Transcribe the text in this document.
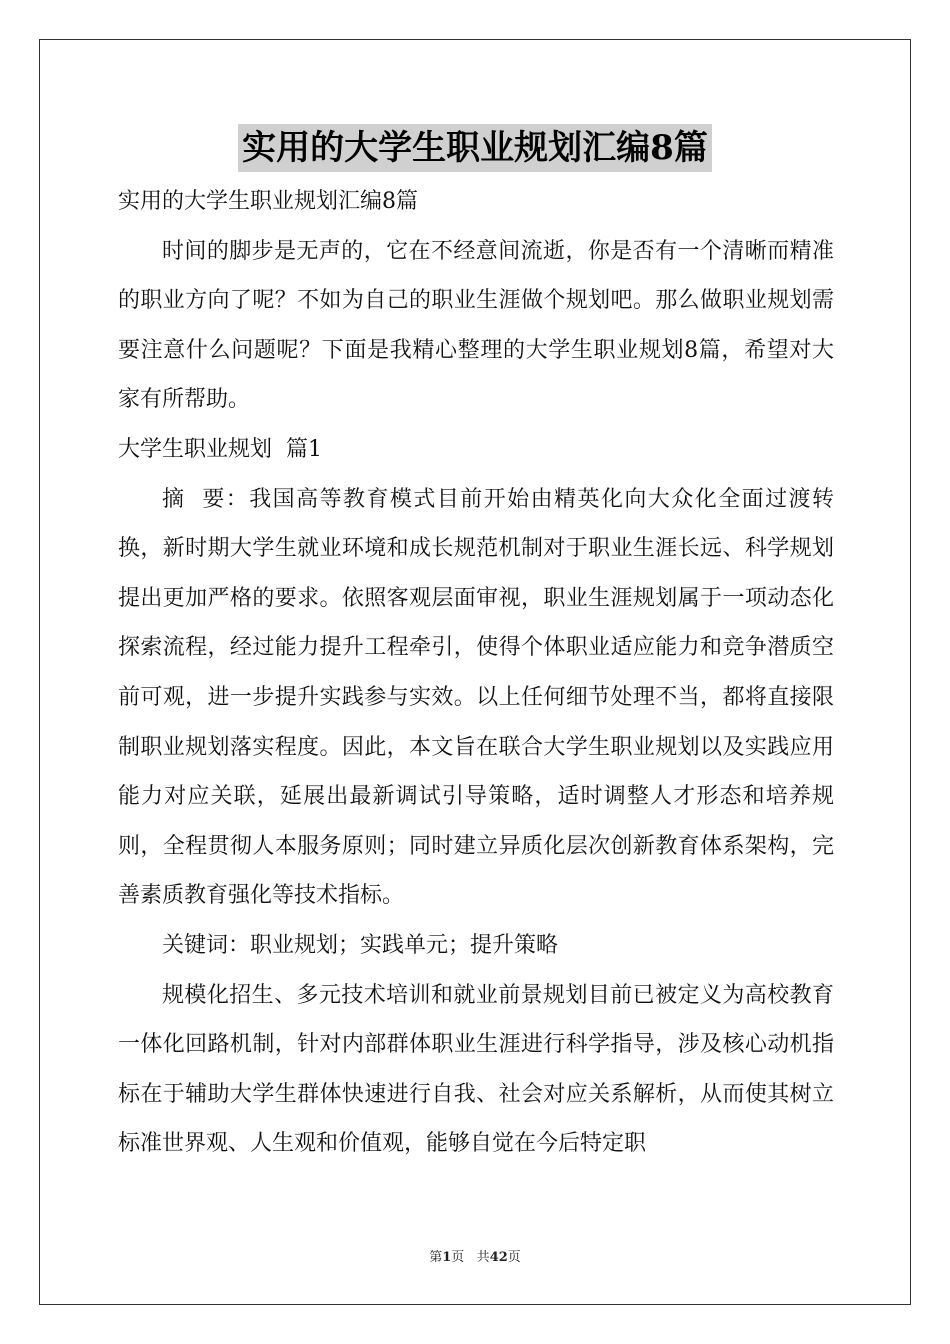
实用的大学生职业规划汇编8篇

实用的大学生职业规划汇编8篇

时间的脚步是无声的，它在不经意间流逝，你是否有一个清晰而精准的职业方向了呢？不如为自己的职业生涯做个规划吧。那么做职业规划需要注意什么问题呢？下面是我精心整理的大学生职业规划8篇，希望对大家有所帮助。

大学生职业规划  篇1

摘  要：我国高等教育模式目前开始由精英化向大众化全面过渡转换，新时期大学生就业环境和成长规范机制对于职业生涯长远、科学规划提出更加严格的要求。依照客观层面审视，职业生涯规划属于一项动态化探索流程，经过能力提升工程牵引，使得个体职业适应能力和竞争潜质空前可观，进一步提升实践参与实效。以上任何细节处理不当，都将直接限制职业规划落实程度。因此，本文旨在联合大学生职业规划以及实践应用能力对应关联，延展出最新调试引导策略，适时调整人才形态和培养规则，全程贯彻人本服务原则；同时建立异质化层次创新教育体系架构，完善素质教育强化等技术指标。

关键词：职业规划；实践单元；提升策略

规模化招生、多元技术培训和就业前景规划目前已被定义为高校教育一体化回路机制，针对内部群体职业生涯进行科学指导，涉及核心动机指标在于辅助大学生群体快速进行自我、社会对应关系解析，从而使其树立标准世界观、人生观和价值观，能够自觉在今后特定职

第1页 共42页
